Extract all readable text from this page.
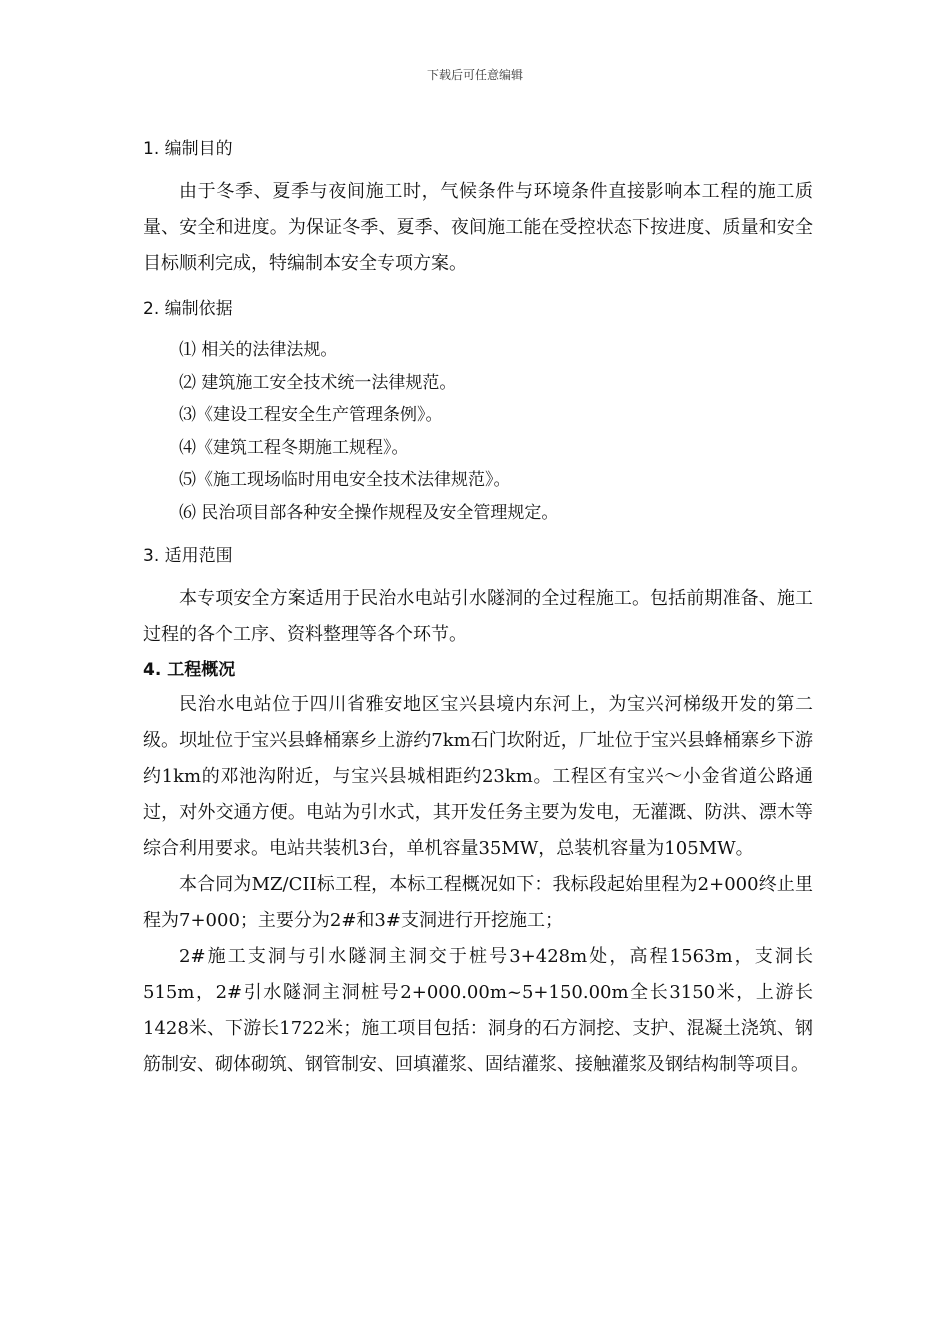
下载后可任意编辑
1. 编制目的

由于冬季、夏季与夜间施工时，气候条件与环境条件直接影响本工程的施工质量、安全和进度。为保证冬季、夏季、夜间施工能在受控状态下按进度、质量和安全目标顺利完成，特编制本安全专项方案。

2. 编制依据
⑴ 相关的法律法规。
⑵ 建筑施工安全技术统一法律规范。
⑶《建设工程安全生产管理条例》。
⑷《建筑工程冬期施工规程》。
⑸《施工现场临时用电安全技术法律规范》。
⑹ 民治项目部各种安全操作规程及安全管理规定。
3. 适用范围

本专项安全方案适用于民治水电站引水隧洞的全过程施工。包括前期准备、施工过程的各个工序、资料整理等各个环节。

4. 工程概况

民治水电站位于四川省雅安地区宝兴县境内东河上，为宝兴河梯级开发的第二级。坝址位于宝兴县蜂桶寨乡上游约7km石门坎附近，厂址位于宝兴县蜂桶寨乡下游约1km的邓池沟附近，与宝兴县城相距约23km。工程区有宝兴～小金省道公路通过，对外交通方便。电站为引水式，其开发任务主要为发电，无灌溉、防洪、漂木等综合利用要求。电站共装机3台，单机容量35MW，总装机容量为105MW。

本合同为MZ/CII标工程，本标工程概况如下：我标段起始里程为2+000终止里程为7+000；主要分为2#和3#支洞进行开挖施工；

2#施工支洞与引水隧洞主洞交于桩号3+428m处，高程1563m，支洞长515m，2#引水隧洞主洞桩号2+000.00m~5+150.00m全长3150米，上游长1428米、下游长1722米；施工项目包括：洞身的石方洞挖、支护、混凝土浇筑、钢筋制安、砌体砌筑、钢管制安、回填灌浆、固结灌浆、接触灌浆及钢结构制等项目。
